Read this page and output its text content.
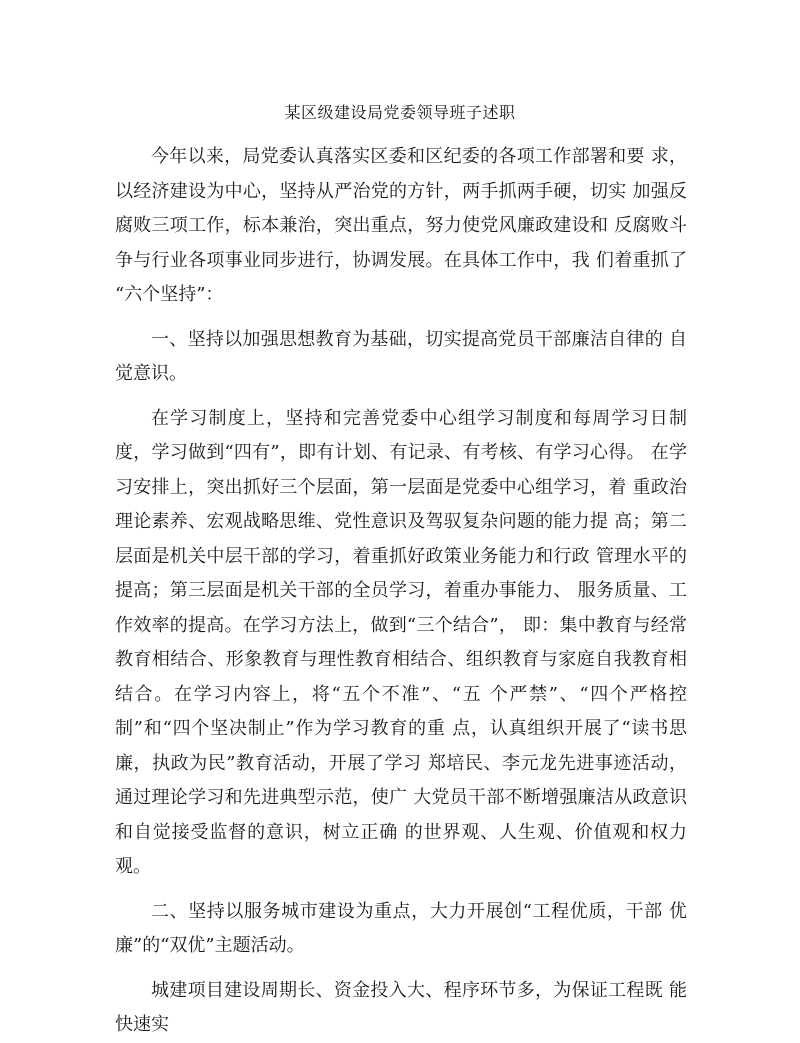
某区级建设局党委领导班子述职

今年以来，局党委认真落实区委和区纪委的各项工作部署和要 求，以经济建设为中心，坚持从严治党的方针，两手抓两手硬，切实 加强反腐败三项工作，标本兼治，突出重点，努力使党风廉政建设和 反腐败斗争与行业各项事业同步进行，协调发展。在具体工作中，我 们着重抓了 “六个坚持”：

一、坚持以加强思想教育为基础，切实提高党员干部廉洁自律的 自觉意识。

在学习制度上，坚持和完善党委中心组学习制度和每周学习日制 度，学习做到“四有”，即有计划、有记录、有考核、有学习心得。 在学习安排上，突出抓好三个层面，第一层面是党委中心组学习，着 重政治理论素养、宏观战略思维、党性意识及驾驭复杂问题的能力提 高；第二层面是机关中层干部的学习，着重抓好政策业务能力和行政 管理水平的提高；第三层面是机关干部的全员学习，着重办事能力、 服务质量、工作效率的提高。在学习方法上，做到“三个结合”， 即：集中教育与经常教育相结合、形象教育与理性教育相结合、组织教育与家庭自我教育相结合。在学习内容上，将“五个不准”、“五 个严禁”、“四个严格控制”和“四个坚决制止”作为学习教育的重 点，认真组织开展了“读书思廉，执政为民”教育活动，开展了学习 郑培民、李元龙先进事迹活动，通过理论学习和先进典型示范，使广 大党员干部不断增强廉洁从政意识和自觉接受监督的意识，树立正确 的世界观、人生观、价值观和权力观。

二、坚持以服务城市建设为重点，大力开展创“工程优质，干部 优廉”的“双优”主题活动。

城建项目建设周期长、资金投入大、程序环节多，为保证工程既 能快速实
